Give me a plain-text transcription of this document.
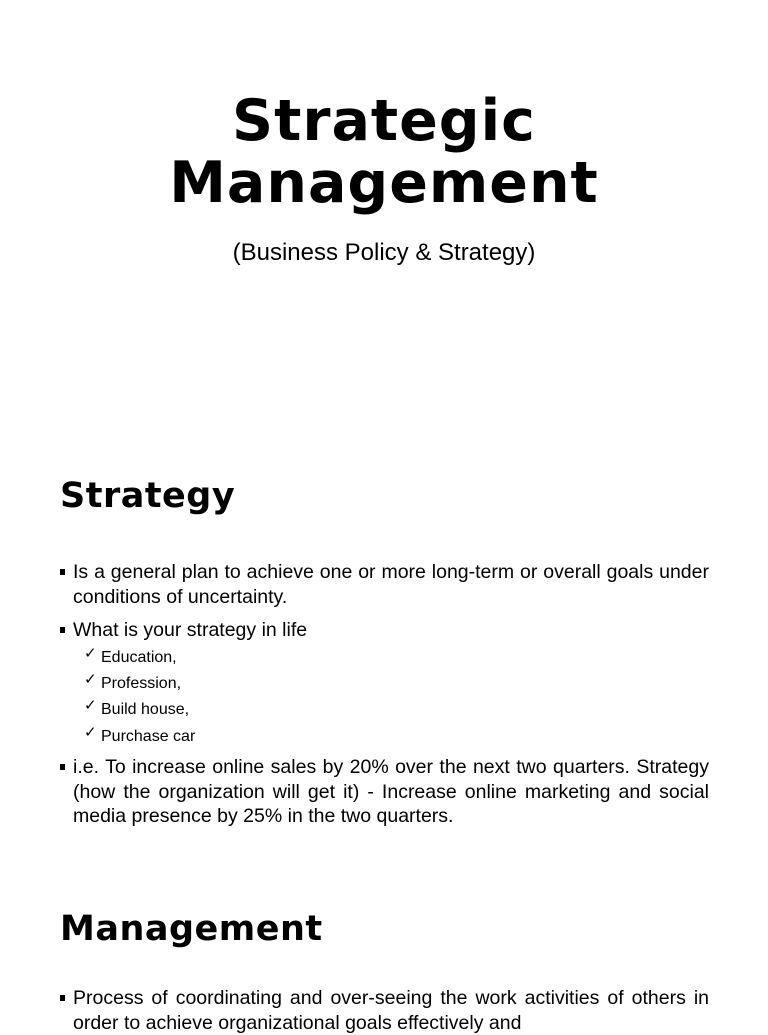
Strategic
Management

(Business Policy & Strategy)

Strategy
Is a general plan to achieve one or more long-term or overall goals under conditions of uncertainty.
What is your strategy in life
✓ Education,
✓ Profession,
✓ Build house,
✓ Purchase car
i.e. To increase online sales by 20% over the next two quarters. Strategy (how the organization will get it) - Increase online marketing and social media presence by 25% in the two quarters.
Management
Process of coordinating and over-seeing the work activities of others in order to achieve organizational goals effectively and
